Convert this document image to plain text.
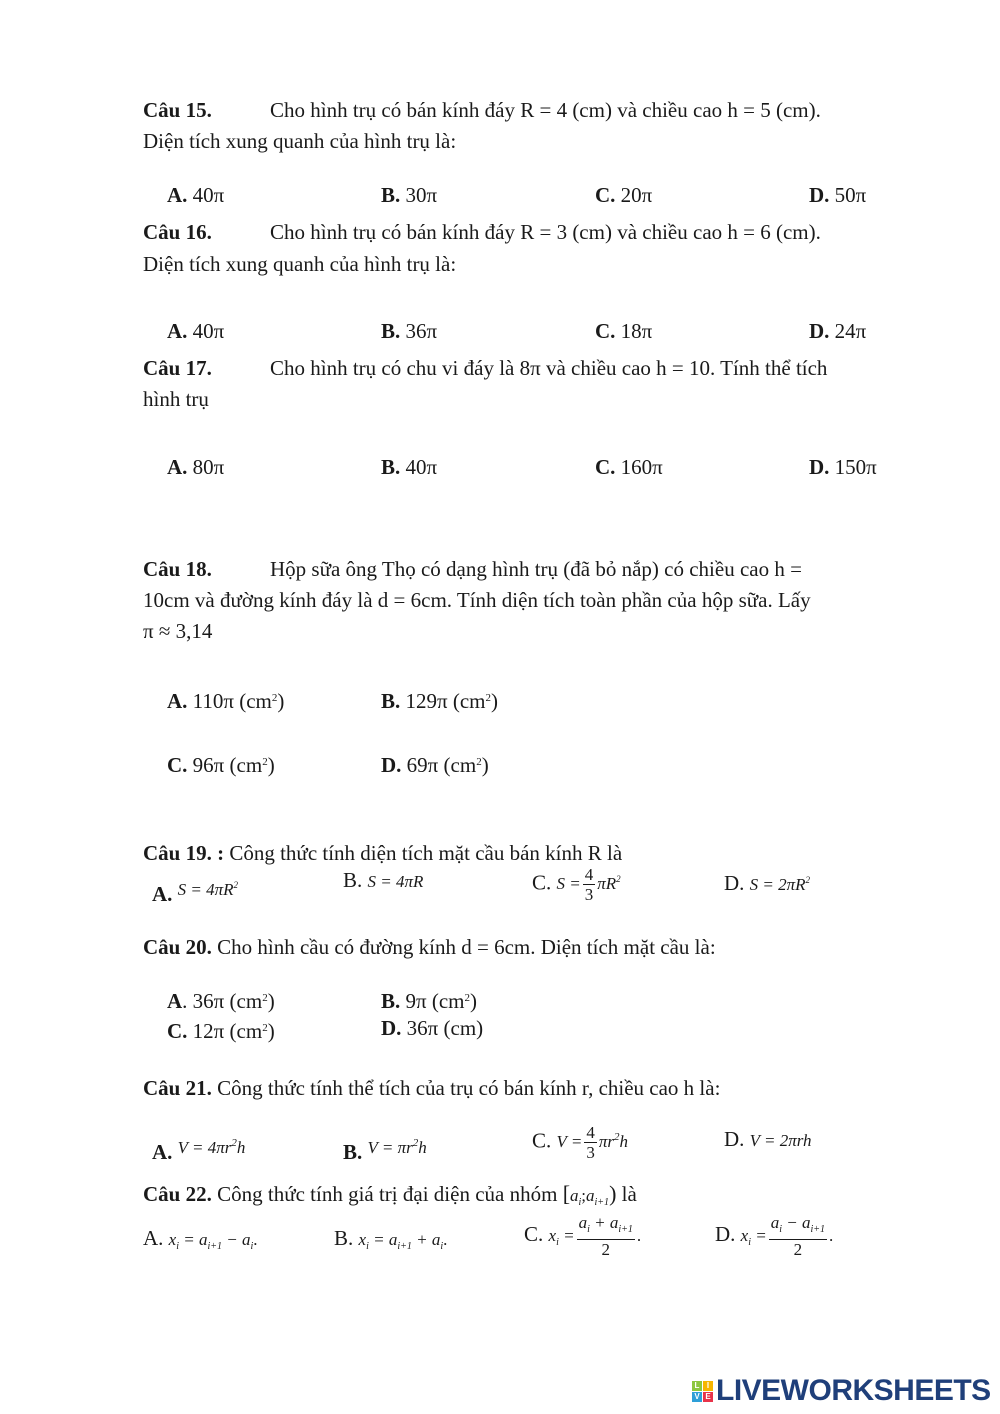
Câu 15.	Cho hình trụ có bán kính đáy R = 4 (cm) và chiều cao h = 5 (cm).
Diện tích xung quanh của hình trụ là:
A. 40π	B. 30π	C. 20π	D. 50π
Câu 16.	Cho hình trụ có bán kính đáy R = 3 (cm) và chiều cao h = 6 (cm).
Diện tích xung quanh của hình trụ là:
A. 40π	B. 36π	C. 18π	D. 24π
Câu 17.	Cho hình trụ có chu vi đáy là 8π và chiều cao h = 10. Tính thể tích
hình trụ
A. 80π	B. 40π	C. 160π	D. 150π
Câu 18.	Hộp sữa ông Thọ có dạng hình trụ (đã bỏ nắp) có chiều cao h =
10cm và đường kính đáy là d = 6cm. Tính diện tích toàn phần của hộp sữa. Lấy
π ≈ 3,14
A. 110π $(cm^2)$	B. 129π $(cm^2)$
C. 96π $(cm^2)$	D. 69π $(cm^2)$
Câu 19. : Công thức tính diện tích mặt cầu bán kính R là
A. $^{S = 4\pi R^2}$	B. S = 4πR	C. $S = \frac{4}{3} \pi R^2$	D. $S = 2\pi R^2$
Câu 20. Cho hình cầu có đường kính d = 6cm. Diện tích mặt cầu là:
A. 36π $(cm^2)$	B. 9π $(cm^2)$
C. 12π $(cm^2)$	D. 36π (cm)
Câu 21. Công thức tính thể tích của trụ có bán kính r, chiều cao h là:
A. $^{V = 4\pi r^2h}$	B. $^{V = \pi r^2h}$	C. $V = \frac{4}{3} \pi r^2h$	D. V = 2πrh
Câu 22. Công thức tính giá trị đại diện của nhóm $[a_i;a_{i+1})$ là
A. $x_i = a_{i+1} - a_i$.	B. $x_i = a_{i+1} + a_i$.	C. $x_i = \frac{a_i + a_{i+1}}{2}$ .	D. $x_i = \frac{a_i - a_{i+1}}{2}$ .
L I
V E LIVEWORKSHEETS
